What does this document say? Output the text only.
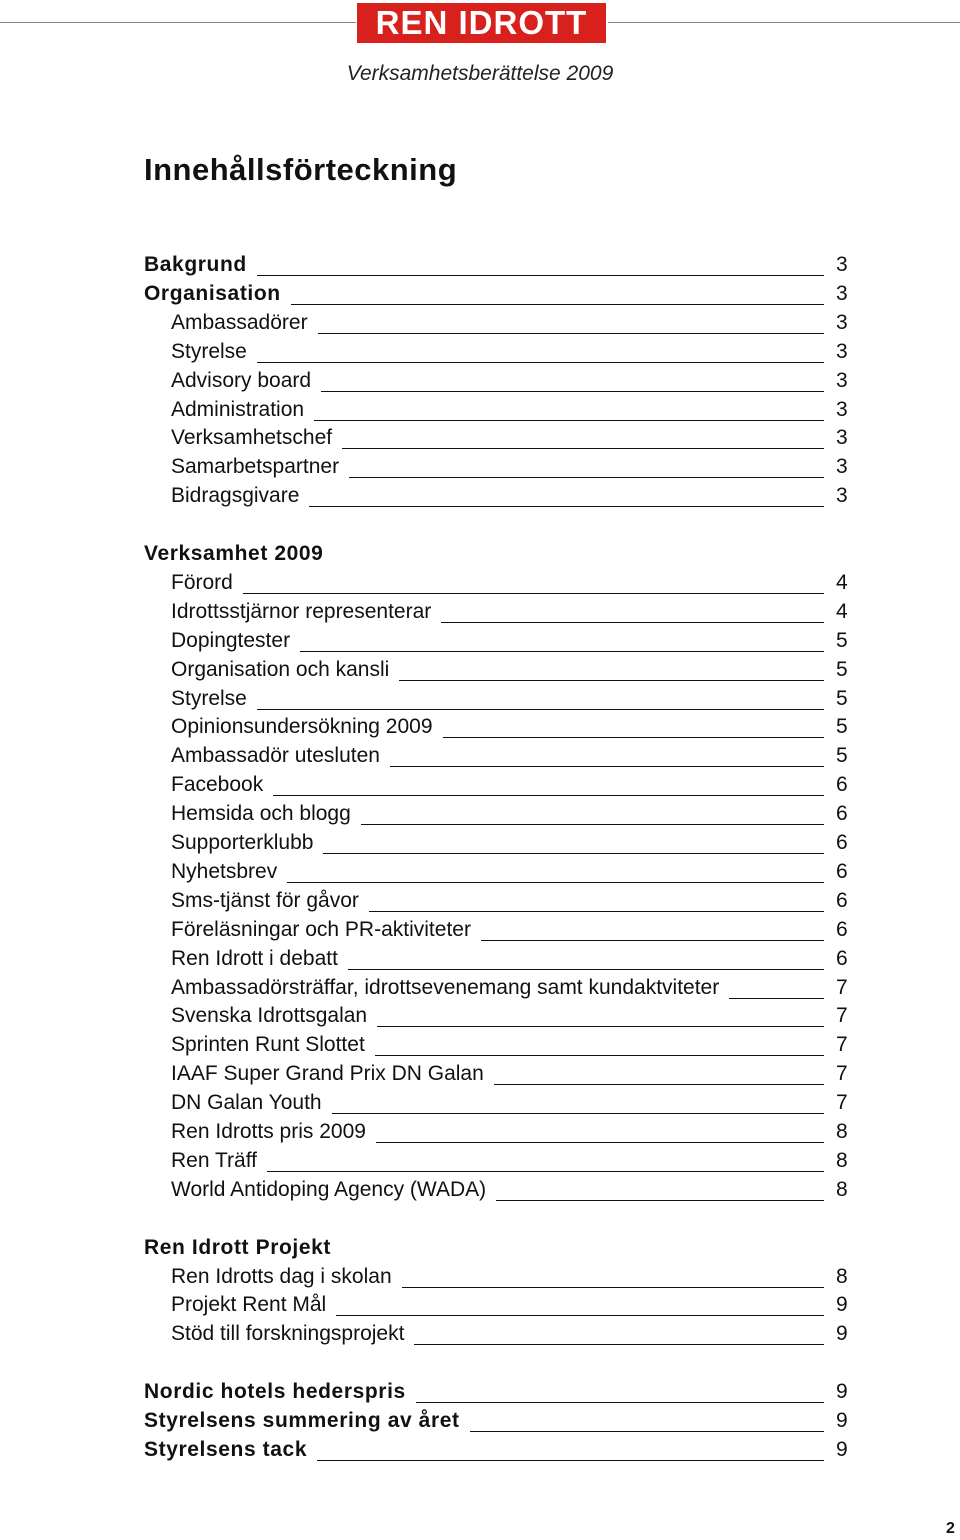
REN IDROTT
Verksamhetsberättelse 2009
Innehållsförteckning
Bakgrund	3
Organisation	3
Ambassadörer	3
Styrelse	3
Advisory board	3
Administration	3
Verksamhetschef	3
Samarbetspartner	3
Bidragsgivare	3
Verksamhet 2009
Förord	4
Idrottsstjärnor representerar	4
Dopingtester	5
Organisation och kansli	5
Styrelse	5
Opinionsundersökning 2009	5
Ambassadör utesluten	5
Facebook	6
Hemsida och blogg	6
Supporterklubb	6
Nyhetsbrev	6
Sms-tjänst för gåvor	6
Föreläsningar och PR-aktiviteter	6
Ren Idrott i debatt	6
Ambassadörsträffar, idrottsevenemang samt kundaktviteter	7
Svenska Idrottsgalan	7
Sprinten Runt Slottet	7
IAAF Super Grand Prix DN Galan	7
DN Galan Youth	7
Ren Idrotts pris 2009	8
Ren Träff	8
World Antidoping Agency (WADA)	8
Ren Idrott Projekt
Ren Idrotts dag i skolan	8
Projekt Rent Mål	9
Stöd till forskningsprojekt	9
Nordic hotels hederspris	9
Styrelsens summering av året	9
Styrelsens tack	9
2
